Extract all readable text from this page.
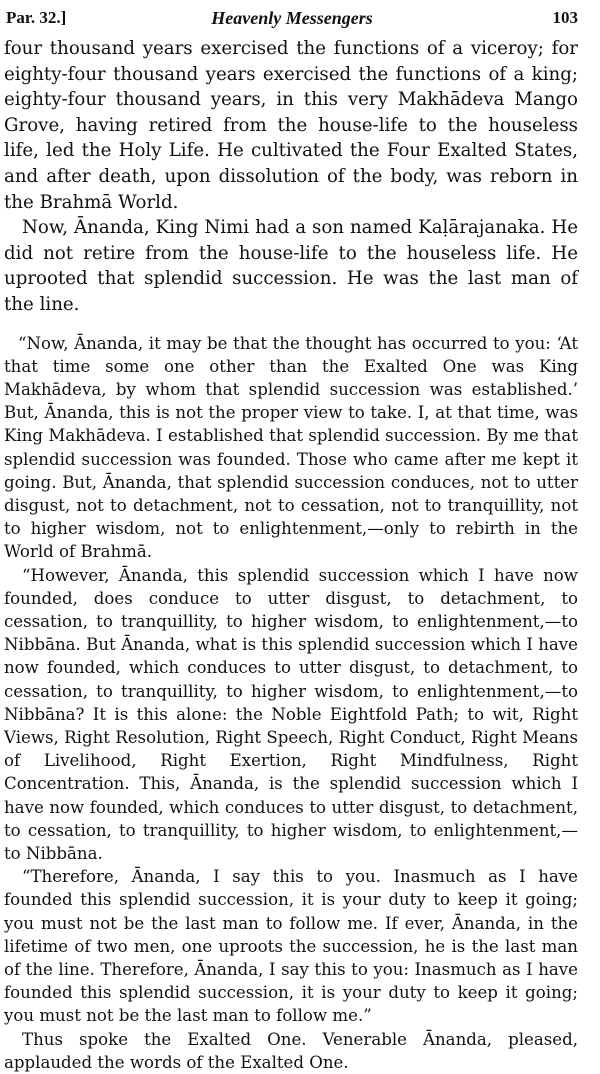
Par. 32.]	Heavenly Messengers	103

four thousand years exercised the functions of a viceroy; for eighty-four thousand years exercised the functions of a king; eighty-four thousand years, in this very Makhādeva Mango Grove, having retired from the house-life to the houseless life, led the Holy Life. He cultivated the Four Exalted States, and after death, upon dissolution of the body, was reborn in the Brahmā World.

Now, Ānanda, King Nimi had a son named Kaḷārajanaka. He did not retire from the house-life to the houseless life. He uprooted that splendid succession. He was the last man of the line.

“Now, Ānanda, it may be that the thought has occurred to you: ‘At that time some one other than the Exalted One was King Makhādeva, by whom that splendid succession was established.’ But, Ānanda, this is not the proper view to take. I, at that time, was King Makhādeva. I established that splendid succession. By me that splendid succession was founded. Those who came after me kept it going. But, Ānanda, that splendid succession conduces, not to utter disgust, not to detachment, not to cessation, not to tranquillity, not to higher wisdom, not to enlightenment,—only to rebirth in the World of Brahmā.

“However, Ānanda, this splendid succession which I have now founded, does conduce to utter disgust, to detachment, to cessation, to tranquillity, to higher wisdom, to enlightenment,—to Nibbāna. But Ānanda, what is this splendid succession which I have now founded, which conduces to utter disgust, to detachment, to cessation, to tranquillity, to higher wisdom, to enlightenment,—to Nibbāna? It is this alone: the Noble Eightfold Path; to wit, Right Views, Right Resolution, Right Speech, Right Conduct, Right Means of Livelihood, Right Exertion, Right Mindfulness, Right Concentration. This, Ānanda, is the splendid succession which I have now founded, which conduces to utter disgust, to detachment, to cessation, to tranquillity, to higher wisdom, to enlightenment,—to Nibbāna.

“Therefore, Ānanda, I say this to you. Inasmuch as I have founded this splendid succession, it is your duty to keep it going; you must not be the last man to follow me. If ever, Ānanda, in the lifetime of two men, one uproots the succession, he is the last man of the line. Therefore, Ānanda, I say this to you: Inasmuch as I have founded this splendid succession, it is your duty to keep it going; you must not be the last man to follow me.”

Thus spoke the Exalted One. Venerable Ānanda, pleased, applauded the words of the Exalted One.
